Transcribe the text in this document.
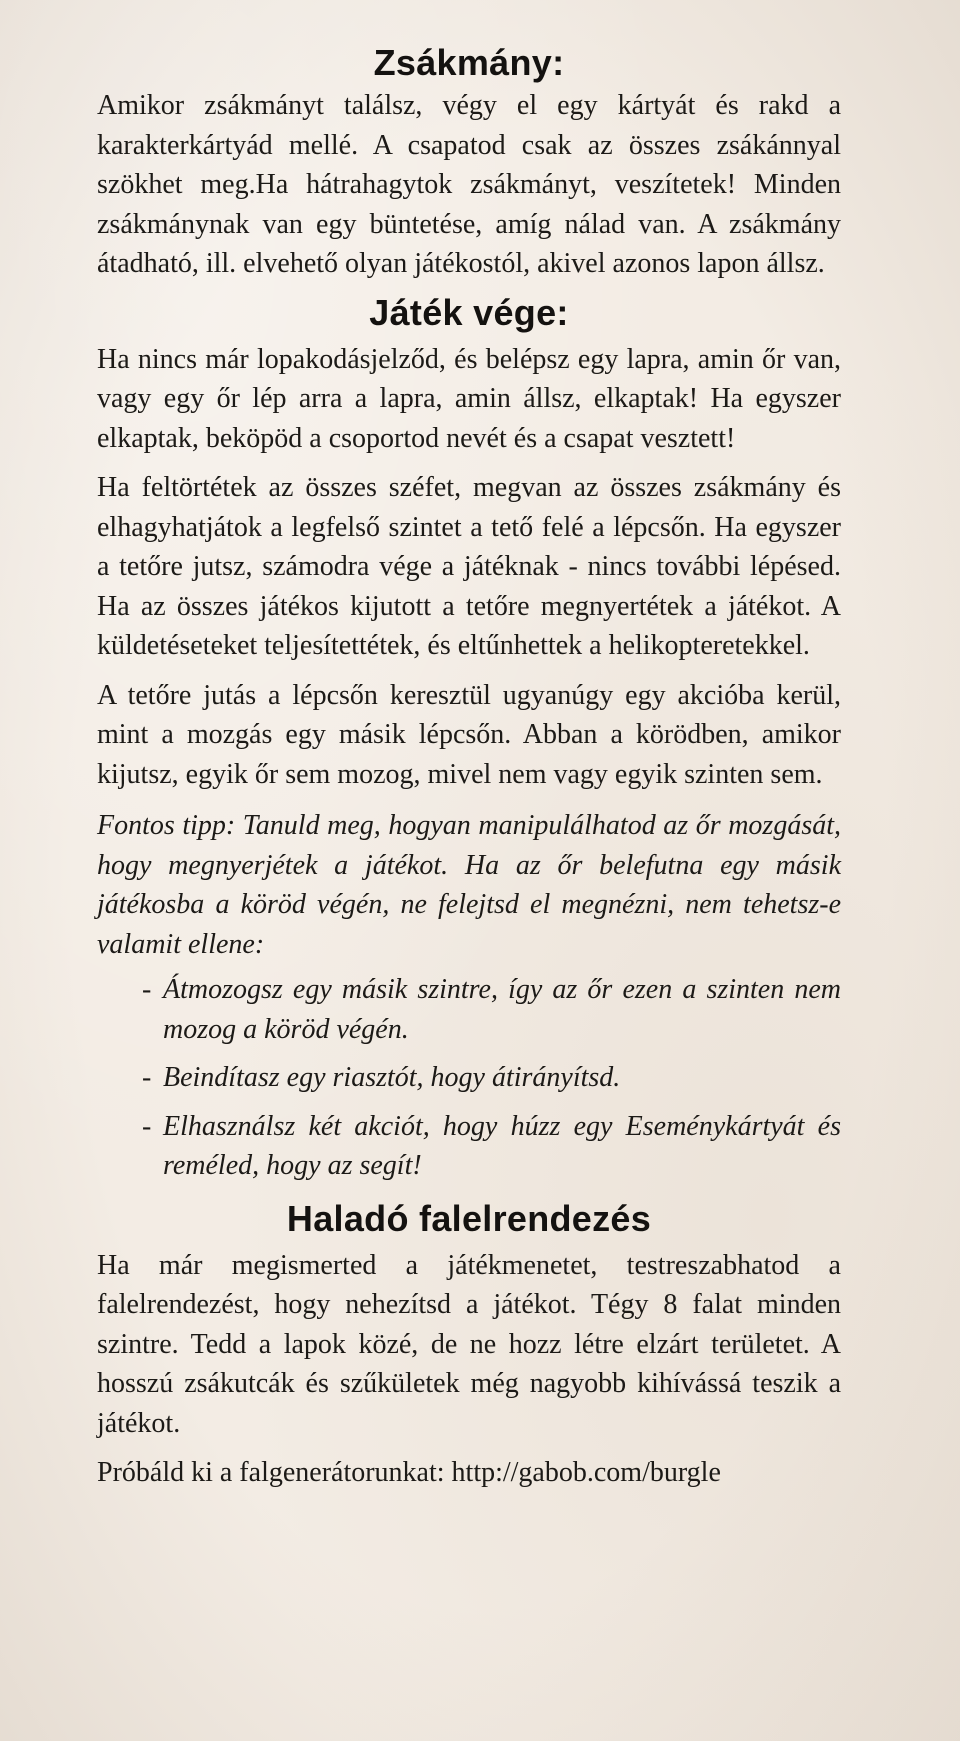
Zsákmány:

Amikor zsákmányt találsz, végy el egy kártyát és rakd a karakterkártyád mellé. A csapatod csak az összes zsákánnyal szökhet meg.Ha hátrahagytok zsákmányt, veszítetek! Minden zsákmánynak van egy büntetése, amíg nálad van. A zsákmány átadható, ill. elvehető olyan játékostól, akivel azonos lapon állsz.

Játék vége:

Ha nincs már lopakodásjelződ, és belépsz egy lapra, amin őr van, vagy egy őr lép arra a lapra, amin állsz, elkaptak! Ha egyszer elkaptak, beköpöd a csoportod nevét és a csapat vesztett!

Ha feltörtétek az összes széfet, megvan az összes zsákmány és elhagyhatjátok a legfelső szintet a tető felé a lépcsőn. Ha egyszer a tetőre jutsz, számodra vége a játéknak - nincs további lépésed. Ha az összes játékos kijutott a tetőre megnyertétek a játékot. A küldetéseteket teljesítettétek, és eltűnhettek a helikopteretekkel.

A tetőre jutás a lépcsőn keresztül ugyanúgy egy akcióba kerül, mint a mozgás egy másik lépcsőn. Abban a körödben, amikor kijutsz, egyik őr sem mozog, mivel nem vagy egyik szinten sem.

Fontos tipp: Tanuld meg, hogyan manipulálhatod az őr mozgását, hogy megnyerjétek a játékot. Ha az őr belefutna egy másik játékosba a köröd végén, ne felejtsd el megnézni, nem tehetsz-e valamit ellene:

- Átmozogsz egy másik szintre, így az őr ezen a szinten nem mozog a köröd végén.
- Beindítasz egy riasztót, hogy átirányítsd.
- Elhasználsz két akciót, hogy húzz egy Eseménykártyát és reméled, hogy az segít!
Haladó falelrendezés

Ha már megismerted a játékmenetet, testreszabhatod a falelrendezést, hogy nehezítsd a játékot. Tégy 8 falat minden szintre. Tedd a lapok közé, de ne hozz létre elzárt területet. A hosszú zsákutcák és szűkületek még nagyobb kihívássá teszik a játékot.

Próbáld ki a falgenerátorunkat: http://gabob.com/burgle
